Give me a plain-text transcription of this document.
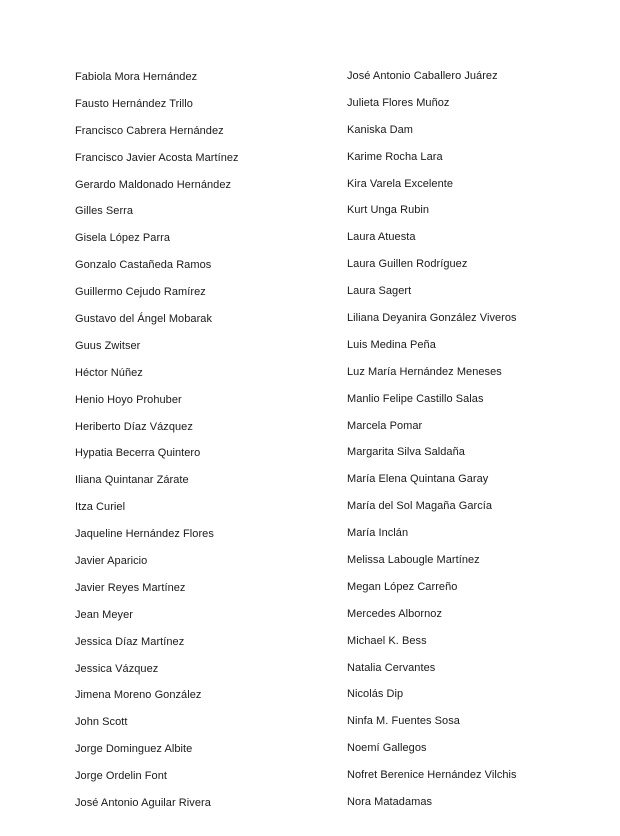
Fabiola Mora Hernández
Fausto Hernández Trillo
Francisco Cabrera Hernández
Francisco Javier Acosta Martínez
Gerardo Maldonado Hernández
Gilles Serra
Gisela López Parra
Gonzalo Castañeda Ramos
Guillermo Cejudo Ramírez
Gustavo del Ángel Mobarak
Guus Zwitser
Héctor Núñez
Henio Hoyo Prohuber
Heriberto Díaz Vázquez
Hypatia Becerra Quintero
Iliana Quintanar Zárate
Itza Curiel
Jaqueline Hernández Flores
Javier Aparicio
Javier Reyes Martínez
Jean Meyer
Jessica Díaz Martínez
Jessica Vázquez
Jimena Moreno González
John Scott
Jorge Dominguez Albite
Jorge Ordelin Font
José Antonio Aguilar Rivera
José Antonio Caballero Juárez
Julieta Flores Muñoz
Kaniska Dam
Karime Rocha Lara
Kira Varela Excelente
Kurt Unga Rubin
Laura Atuesta
Laura Guillen Rodríguez
Laura Sagert
Liliana Deyanira González Viveros
Luis Medina Peña
Luz María Hernández Meneses
Manlio Felipe Castillo Salas
Marcela Pomar
Margarita Silva Saldaña
María Elena Quintana Garay
María del Sol Magaña García
María Inclán
Melissa Labougle Martínez
Megan López Carreño
Mercedes Albornoz
Michael K. Bess
Natalia Cervantes
Nicolás Dip
Ninfa M. Fuentes Sosa
Noemí Gallegos
Nofret Berenice Hernández Vilchis
Nora Matadamas
